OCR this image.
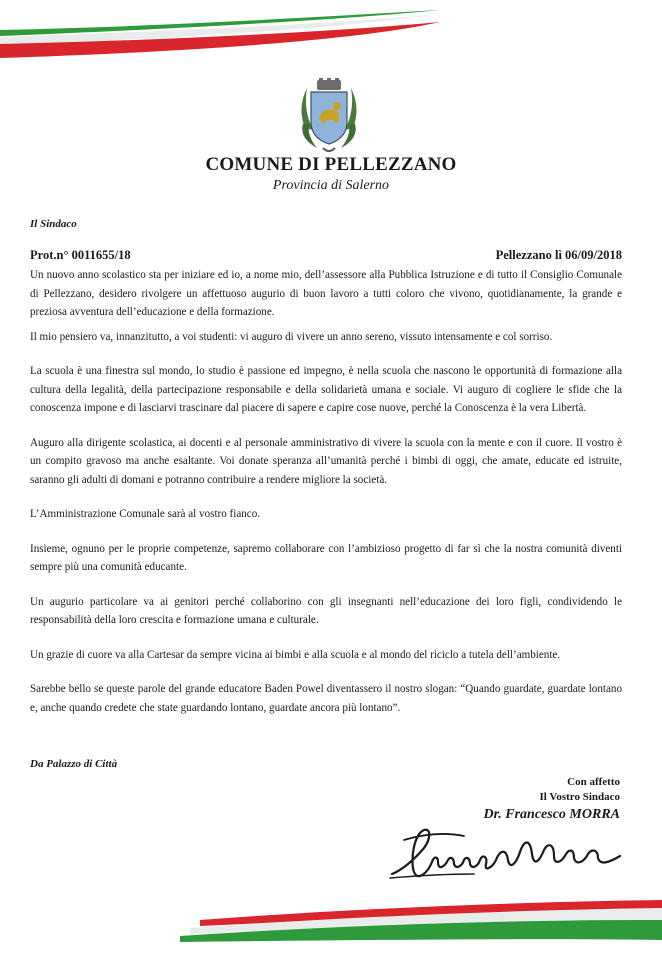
COMUNE DI PELLEZZANO
Provincia di Salerno
Il Sindaco
Prot.n° 0011655/18	Pellezzano lì 06/09/2018

Un nuovo anno scolastico sta per iniziare ed io, a nome mio, dell’assessore alla Pubblica Istruzione e di tutto il Consiglio Comunale di Pellezzano, desidero rivolgere un affettuoso augurio di buon lavoro a tutti coloro che vivono, quotidianamente, la grande e preziosa avventura dell’educazione e della formazione.

Il mio pensiero va, innanzitutto, a voi studenti: vi auguro di vivere un anno sereno, vissuto intensamente e col sorriso.

La scuola è una finestra sul mondo, lo studio è passione ed impegno, è nella scuola che nascono le opportunità di formazione alla cultura della legalità, della partecipazione responsabile e della solidarietà umana e sociale. Vi auguro di cogliere le sfide che la conoscenza impone e di lasciarvi trascinare dal piacere di sapere e capire cose nuove, perché la Conoscenza è la vera Libertà.

Auguro alla dirigente scolastica, ai docenti e al personale amministrativo di vivere la scuola con la mente e con il cuore. Il vostro è un compito gravoso ma anche esaltante. Voi donate speranza all’umanità perché i bimbi di oggi, che amate, educate ed istruite, saranno gli adulti di domani e potranno contribuire a rendere migliore la società.

L’Amministrazione Comunale sarà al vostro fianco.

Insieme, ognuno per le proprie competenze, sapremo collaborare con l’ambizioso progetto di far sì che la nostra comunità diventi sempre più una comunità educante.

Un augurio particolare va ai genitori perché collaborino con gli insegnanti nell’educazione dei loro figli, condividendo le responsabilità della loro crescita e formazione umana e culturale.

Un grazie di cuore va alla Cartesar da sempre vicina ai bimbi e alla scuola e al mondo del riciclo a tutela dell’ambiente.

Sarebbe bello se queste parole del grande educatore Baden Powel diventassero il nostro slogan: “Quando guardate, guardate lontano e, anche quando credete che state guardando lontano, guardate ancora più lontano”.

Da Palazzo di Città
Con affetto
Il Vostro Sindaco
Dr. Francesco MORRA
